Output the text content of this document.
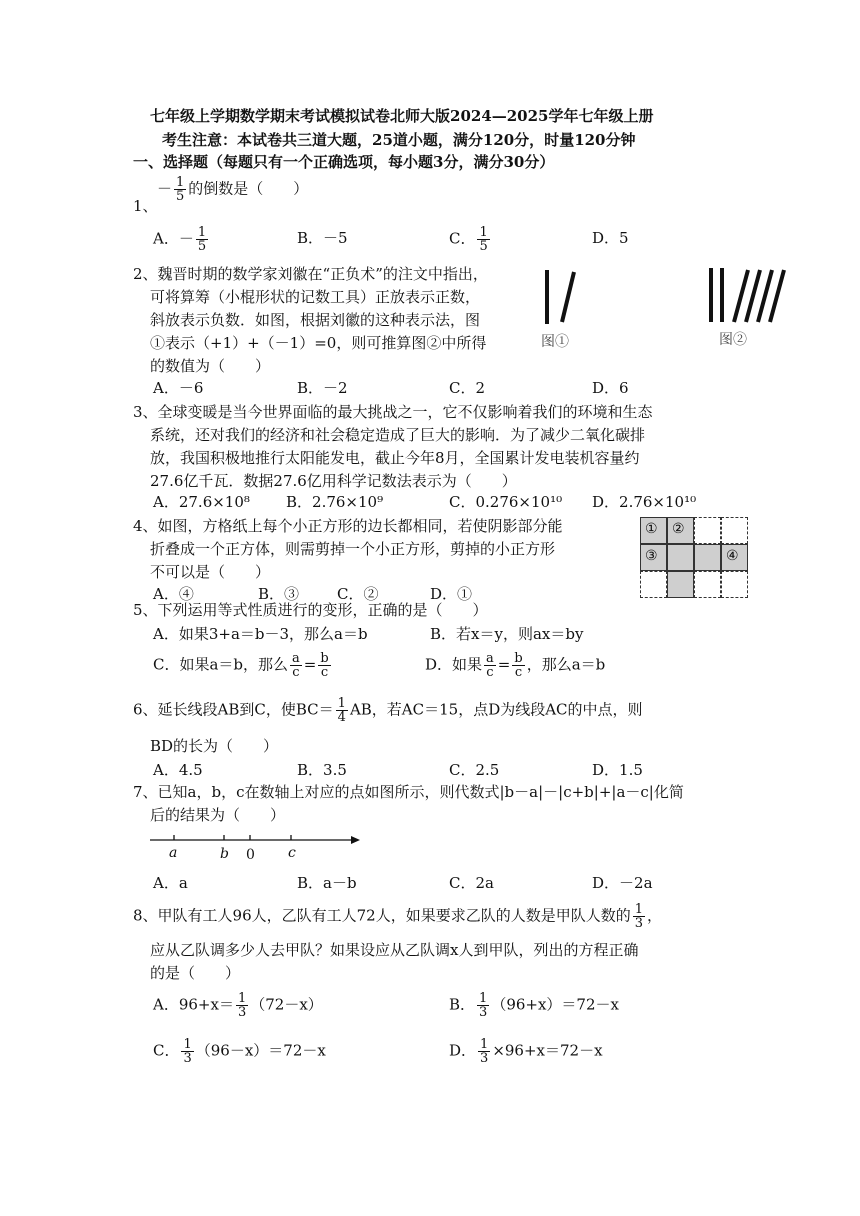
七年级上学期数学期末考试模拟试卷北师大版2024—2025学年七年级上册
考生注意：本试卷共三道大题，25道小题，满分120分，时量120分钟
一、选择题（每题只有一个正确选项，每小题3分，满分30分）
－ $\frac{1}{5}$ 的倒数是（　　）
1、
A．－ $\frac{1}{5}$	B．－5	C． $\frac{1}{5}$	D．5
2、魏晋时期的数学家刘徽在“正负术”的注文中指出，
可将算筹（小棍形状的记数工具）正放表示正数，
斜放表示负数．如图，根据刘徽的这种表示法，图
①表示（+1）+（－1）=0，则可推算图②中所得
的数值为（　　）
图①	图②
A．－6	B．－2	C．2	D．6
3、全球变暖是当今世界面临的最大挑战之一，它不仅影响着我们的环境和生态
系统，还对我们的经济和社会稳定造成了巨大的影响．为了减少二氧化碳排
放，我国积极地推行太阳能发电，截止今年8月，全国累计发电装机容量约
27.6亿千瓦．数据27.6亿用科学记数法表示为（　　）
A．27.6×10⁸ B．2.76×10⁹	C．0.276×10¹⁰ D．2.76×10¹⁰
4、如图，方格纸上每个小正方形的边长都相同，若使阴影部分能
折叠成一个正方体，则需剪掉一个小正方形，剪掉的小正方形
不可以是（　　）
A．④	B．③	C．②	D．①
① ②
③	④
5、下列运用等式性质进行的变形，正确的是（　　）
A．如果3+a＝b－3，那么a＝b	B．若x＝y，则ax＝by
C．如果a＝b，那么 $\frac{a}{c} = \frac{b}{c}$	D．如果 $\frac{a}{c} = \frac{b}{c}$ ，那么a＝b
6、延长线段AB到C，使$BC= \frac{1}{4}$ AB，若AC＝15，点D为线段AC的中点，则
BD的长为（　　）
A．4.5	B．3.5	C．2.5	D．1.5
7、已知a，b，c在数轴上对应的点如图所示，则代数式|b－a|－|c+b|+|a－c|化简
后的结果为（　　）
a	b 0 c
A．a	B．a－b	C．2a	D．－2a
8、甲队有工人96人，乙队有工人72人，如果要求乙队的人数是甲队人数的 $\frac{1}{3}$ ，
应从乙队调多少人去甲队？如果设应从乙队调x人到甲队，列出的方程正确
的是（　　）
A．$96+x= \frac{1}{3} (72-x)$	B． $\frac{1}{3} (96+x)=72-x$
C． $\frac{1}{3} (96-x)=72-x$	D． $\frac{1}{3} \times 96+x=72-x$
